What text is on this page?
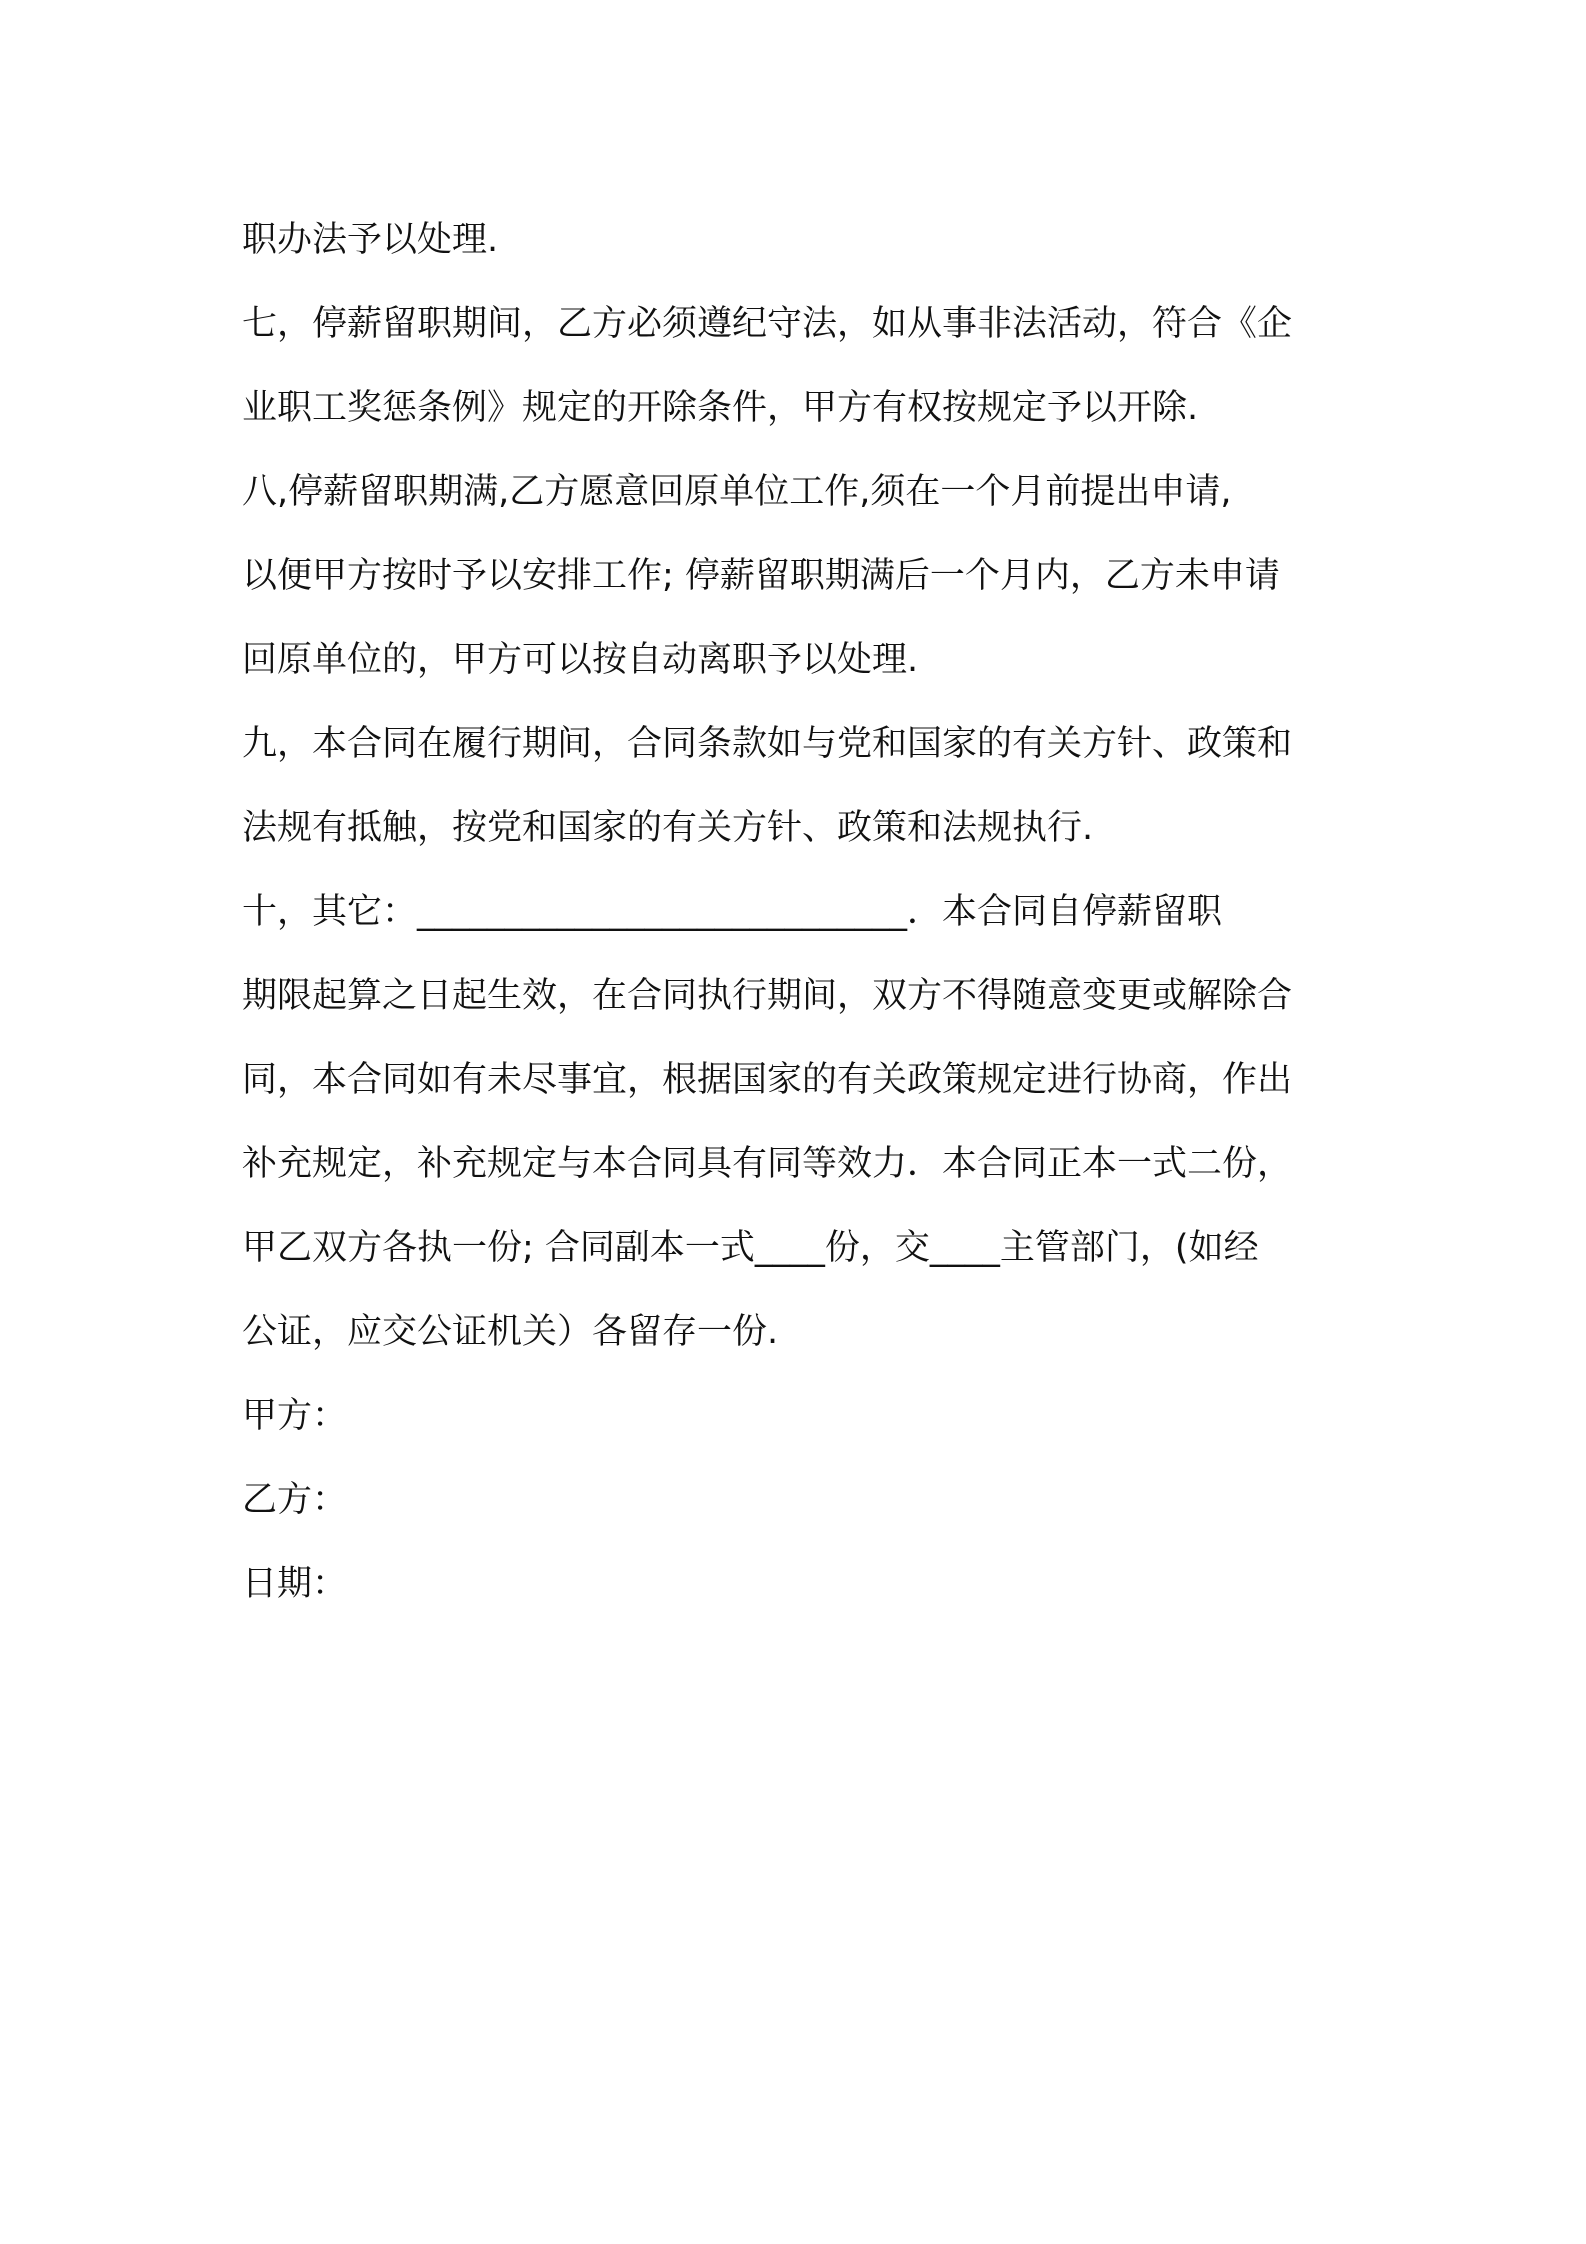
职办法予以处理.
七，停薪留职期间，乙方必须遵纪守法，如从事非法活动，符合《企
业职工奖惩条例》规定的开除条件，甲方有权按规定予以开除.
八,停薪留职期满,乙方愿意回原单位工作,须在一个月前提出申请,
以便甲方按时予以安排工作; 停薪留职期满后一个月内，乙方未申请
回原单位的，甲方可以按自动离职予以处理.
九，本合同在履行期间，合同条款如与党和国家的有关方针、政策和
法规有抵触，按党和国家的有关方针、政策和法规执行.
十，其它：____________________________．本合同自停薪留职
期限起算之日起生效，在合同执行期间，双方不得随意变更或解除合
同，本合同如有未尽事宜，根据国家的有关政策规定进行协商，作出
补充规定，补充规定与本合同具有同等效力．本合同正本一式二份，
甲乙双方各执一份; 合同副本一式____份，交____主管部门，(如经
公证，应交公证机关）各留存一份.
甲方：
乙方：
日期：
